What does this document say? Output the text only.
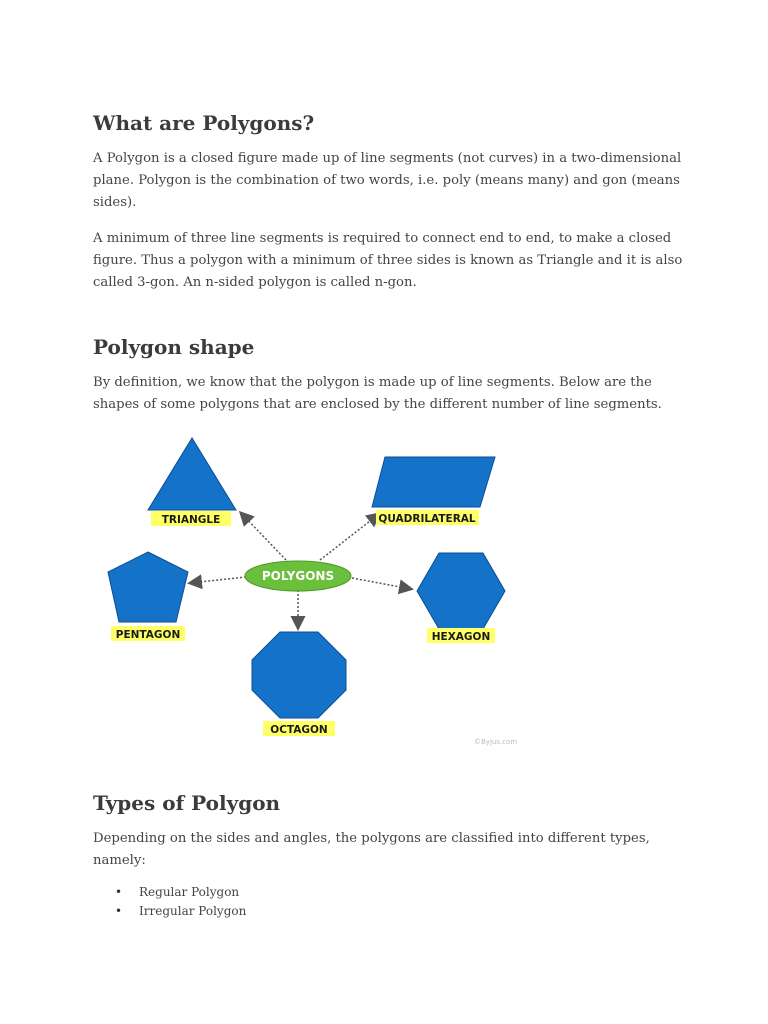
What are Polygons?

A Polygon is a closed figure made up of line segments (not curves) in a two-dimensional plane. Polygon is the combination of two words, i.e. poly (means many) and gon (means sides).

A minimum of three line segments is required to connect end to end, to make a closed figure. Thus a polygon with a minimum of three sides is known as Triangle and it is also called 3-gon. An n-sided polygon is called n-gon.

Polygon shape

By definition, we know that the polygon is made up of line segments. Below are the shapes of some polygons that are enclosed by the different number of line segments.

Types of Polygon

Depending on the sides and angles, the polygons are classified into different types, namely:

• Regular Polygon
• Irregular Polygon
TRIANGLE	QUADRILATERAL
POLYGONS
PENTAGON	HEXAGON
OCTAGON
©Byjus.com
